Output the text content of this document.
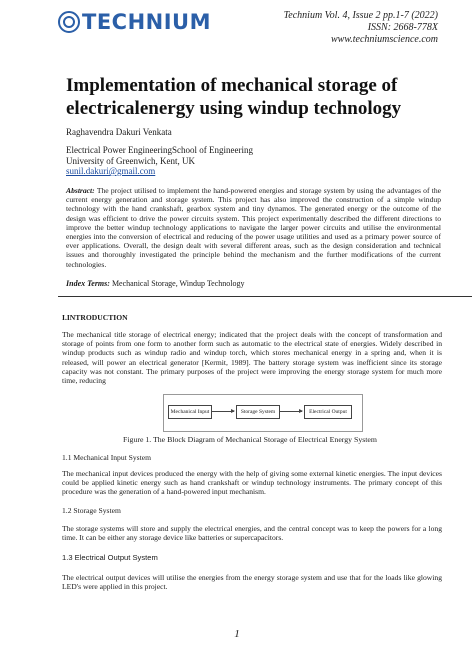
TECHNIUM	Technium Vol. 4, Issue 2 pp.1-7 (2022)
ISSN: 2668-778X
www.techniumscience.com
Implementation of mechanical storage of electricalenergy using windup technology
Raghavendra Dakuri Venkata
Electrical Power EngineeringSchool of Engineering
University of Greenwich, Kent, UK
sunil.dakuri@gmail.com
Abstract: The project utilised to implement the hand-powered energies and storage system by using the advantages of the current energy generation and storage system. This project has also improved the construction of a simple windup technology with the hand crankshaft, gearbox system and tiny dynamos. The generated energy or the outcome of the design was efficient to drive the power circuits system. This project experimentally described the different directions to improve the better windup technology applications to navigate the larger power circuits and utilise the environmental energies into the conversion of electrical and reducing of the power usage utilities and used as a primary power source of ever applications. Overall, the design dealt with several different areas, such as the design consideration and technical issues and thoroughly investigated the principle behind the mechanism and the further modifications of the current technologies.
Index Terms: Mechanical Storage, Windup Technology
I.INTRODUCTION
The mechanical title storage of electrical energy; indicated that the project deals with the concept of transformation and storage of points from one form to another form such as automatic to the electrical state of energies. Widely described in windup products such as windup radio and windup torch, which stores mechanical energy in a spring and, when it is released, will power an electrical generator [Kermit, 1989]. The battery storage system was inefficient since its storage capacity was not constant. The primary purposes of the project were improving the energy storage system for much more time, reducing
Mechanical Input	Storage System	Electrical Output
Figure 1. The Block Diagram of Mechanical Storage of Electrical Energy System
1.1 Mechanical Input System
The mechanical input devices produced the energy with the help of giving some external kinetic energies. The input devices could be applied kinetic energy such as hand crankshaft or windup technology instruments. The primary concept of this procedure was the generation of a hand-powered input mechanism.
1.2 Storage System
The storage systems will store and supply the electrical energies, and the central concept was to keep the powers for a long time. It can be either any storage device like batteries or supercapacitors.
1.3 Electrical Output System
The electrical output devices will utilise the energies from the energy storage system and use that for the loads like glowing LED's were applied in this project.
1
